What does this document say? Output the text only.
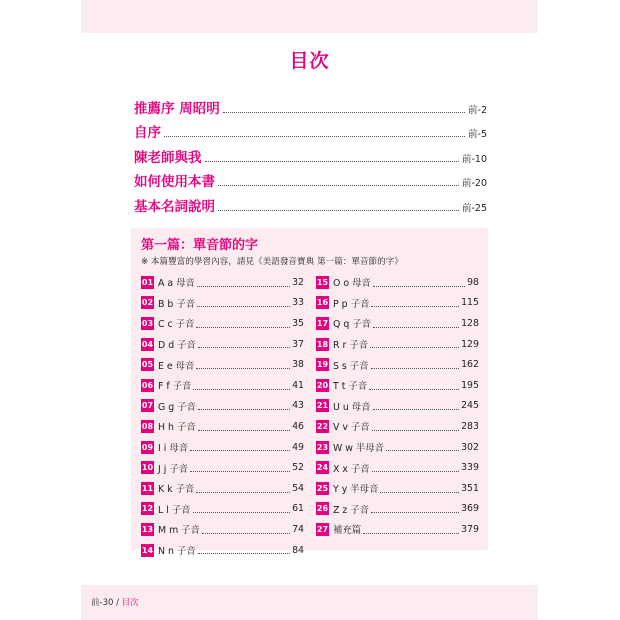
目次
推薦序 周昭明	前-2
自序	前-5
陳老師與我	前-10
如何使用本書	前-20
基本名詞說明	前-25
第一篇：單音節的字
※ 本篇豐富的學習內容，請見《美語發音寶典 第一篇：單音節的字》
01 A a 母音	32
02 B b 子音	33
03 C c 子音	35
04 D d 子音	37
05 E e 母音	38
06 F f 子音	41
07 G g 子音	43
08 H h 子音	46
09 I i 母音	49
10 J j 子音	52
11 K k 子音	54
12 L l 子音	61
13 M m 子音	74
14 N n 子音	84
15 O o 母音	98
16 P p 子音	115
17 Q q 子音	128
18 R r 子音	129
19 S s 子音	162
20 T t 子音	195
21 U u 母音	245
22 V v 子音	283
23 W w 半母音	302
24 X x 子音	339
25 Y y 半母音	351
26 Z z 子音	369
27 補充篇	379
前-30 / 目次
